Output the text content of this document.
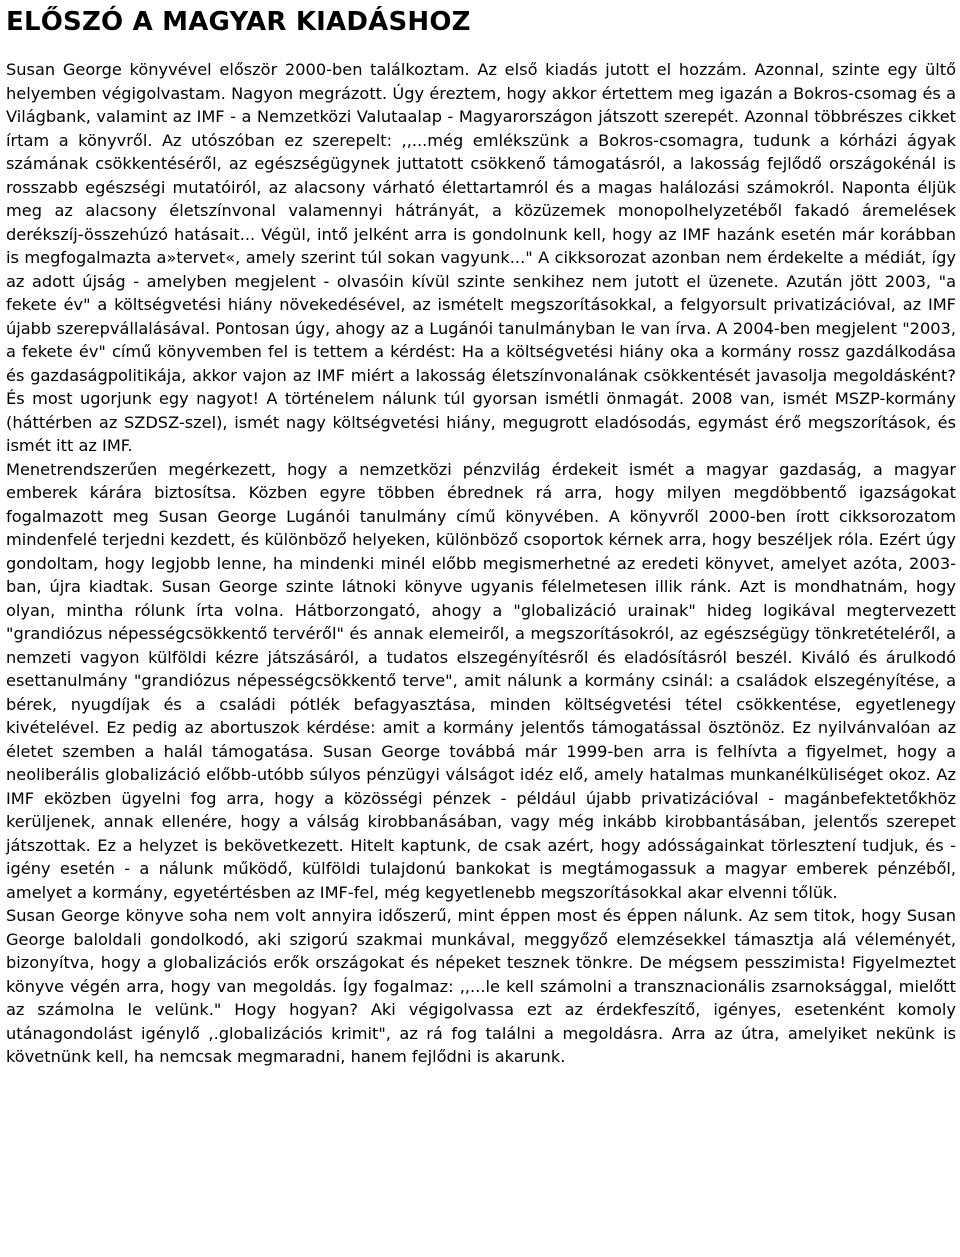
ELŐSZÓ A MAGYAR KIADÁSHOZ

Susan George könyvével először 2000-ben találkoztam. Az első kiadás jutott el hozzám. Azonnal, szinte egy ültő helyemben végigolvastam. Nagyon megrázott. Úgy éreztem, hogy akkor értettem meg igazán a Bokros-csomag és a Világbank, valamint az IMF - a Nemzetközi Valutaalap - Magyarországon játszott szerepét. Azonnal többrészes cikket írtam a könyvről. Az utószóban ez szerepelt: ,,...még emlékszünk a Bokros-csomagra, tudunk a kórházi ágyak számának csökkentéséről, az egészségügynek juttatott csökkenő támogatásról, a lakosság fejlődő országokénál is rosszabb egészségi mutatóiról, az alacsony várható élettartamról és a magas halálozási számokról. Naponta éljük meg az alacsony életszínvonal valamennyi hátrányát, a közüzemek monopolhelyzetéből fakadó áremelések derékszíj-összehúzó hatásait... Végül, intő jelként arra is gondolnunk kell, hogy az IMF hazánk esetén már korábban is megfogalmazta a»tervet«, amely szerint túl sokan vagyunk..." A cikksorozat azonban nem érdekelte a médiát, így az adott újság - amelyben megjelent - olvasóin kívül szinte senkihez nem jutott el üzenete. Azután jött 2003, "a fekete év" a költségvetési hiány növekedésével, az ismételt megszorításokkal, a felgyorsult privatizációval, az IMF újabb szerepvállalásával. Pontosan úgy, ahogy az a Lugánói tanulmányban le van írva. A 2004-ben megjelent "2003, a fekete év" című könyvemben fel is tettem a kérdést: Ha a költségvetési hiány oka a kormány rossz gazdálkodása és gazdaságpolitikája, akkor vajon az IMF miért a lakosság életszínvonalának csökkentését javasolja megoldásként? És most ugorjunk egy nagyot! A történelem nálunk túl gyorsan ismétli önmagát. 2008 van, ismét MSZP-kormány (háttérben az SZDSZ-szel), ismét nagy költségvetési hiány, megugrott eladósodás, egymást érő megszorítások, és ismét itt az IMF.

Menetrendszerűen megérkezett, hogy a nemzetközi pénzvilág érdekeit ismét a magyar gazdaság, a magyar emberek kárára biztosítsa. Közben egyre többen ébrednek rá arra, hogy milyen megdöbbentő igazságokat fogalmazott meg Susan George Lugánói tanulmány című könyvében. A könyvről 2000-ben írott cikksorozatom mindenfelé terjedni kezdett, és különböző helyeken, különböző csoportok kérnek arra, hogy beszéljek róla. Ezért úgy gondoltam, hogy legjobb lenne, ha mindenki minél előbb megismerhetné az eredeti könyvet, amelyet azóta, 2003-ban, újra kiadtak. Susan George szinte látnoki könyve ugyanis félelmetesen illik ránk. Azt is mondhatnám, hogy olyan, mintha rólunk írta volna. Hátborzongató, ahogy a "globalizáció urainak" hideg logikával megtervezett "grandiózus népességcsökkentő tervéről" és annak elemeiről, a megszorításokról, az egészségügy tönkretételéről, a nemzeti vagyon külföldi kézre játszásáról, a tudatos elszegényítésről és eladósításról beszél. Kiváló és árulkodó esettanulmány "grandiózus népességcsökkentő terve", amit nálunk a kormány csinál: a családok elszegényítése, a bérek, nyugdíjak és a családi pótlék befagyasztása, minden költségvetési tétel csökkentése, egyetlenegy kivételével. Ez pedig az abortuszok kérdése: amit a kormány jelentős támogatással ösztönöz. Ez nyilvánvalóan az életet szemben a halál támogatása. Susan George továbbá már 1999-ben arra is felhívta a figyelmet, hogy a neoliberális globalizáció előbb-utóbb súlyos pénzügyi válságot idéz elő, amely hatalmas munkanélküliséget okoz. Az IMF eközben ügyelni fog arra, hogy a közösségi pénzek - például újabb privatizációval - magánbefektetőkhöz kerüljenek, annak ellenére, hogy a válság kirobbanásában, vagy még inkább kirobbantásában, jelentős szerepet játszottak. Ez a helyzet is bekövetkezett. Hitelt kaptunk, de csak azért, hogy adósságainkat törlesztení tudjuk, és - igény esetén - a nálunk működő, külföldi tulajdonú bankokat is megtámogassuk a magyar emberek pénzéből, amelyet a kormány, egyetértésben az IMF-fel, még kegyetlenebb megszorításokkal akar elvenni tőlük.

Susan George könyve soha nem volt annyira időszerű, mint éppen most és éppen nálunk. Az sem titok, hogy Susan George baloldali gondolkodó, aki szigorú szakmai munkával, meggyőző elemzésekkel támasztja alá véleményét, bizonyítva, hogy a globalizációs erők országokat és népeket tesznek tönkre. De mégsem pesszimista! Figyelmeztet könyve végén arra, hogy van megoldás. Így fogalmaz: ,,...le kell számolni a transznacionális zsarnoksággal, mielőtt az számolna le velünk." Hogy hogyan? Aki végigolvassa ezt az érdekfeszítő, igényes, esetenként komoly utánagondolást igénylő ,.globalizációs krimit", az rá fog találni a megoldásra. Arra az útra, amelyiket nekünk is követnünk kell, ha nemcsak megmaradni, hanem fejlődni is akarunk.
